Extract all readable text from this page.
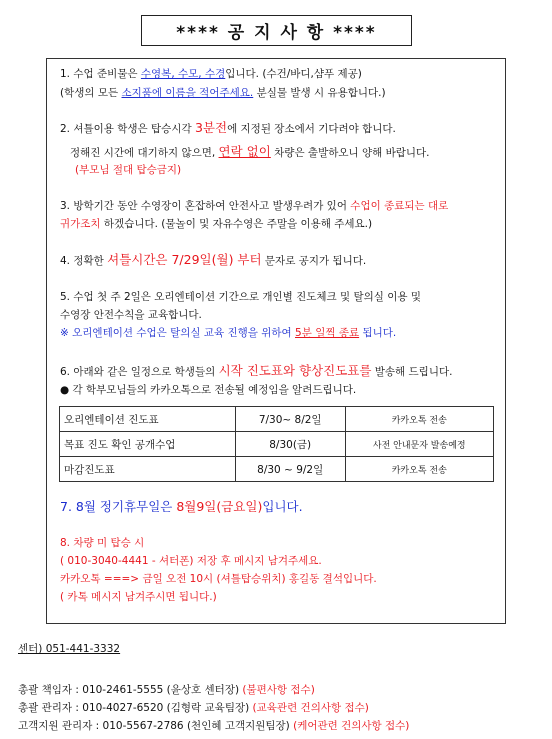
**** 공 지 사 항 ****
1. 수업 준비물은 수영복, 수모, 수경입니다. (수건/바디,샴푸 제공)
(학생의 모든 소지품에 이름을 적어주세요. 분실물 발생 시 유용합니다.)
2. 셔틀이용 학생은 탑승시각 3분전에 지정된 장소에서 기다려야 합니다.
정해진 시간에 대기하지 않으면, 연락 없이 차량은 출발하오니 양해 바랍니다.
(부모님 절대 탑승금지)
3. 방학기간 동안 수영장이 혼잡하여 안전사고 발생우려가 있어 수업이 종료되는 대로
귀가조치 하겠습니다. (물놀이 및 자유수영은 주말을 이용해 주세요.)
4. 정확한 셔틀시간은 7/29일(월) 부터 문자로 공지가 됩니다.
5. 수업 첫 주 2일은 오리엔테이션 기간으로 개인별 진도체크 및 탈의실 이용 및
수영장 안전수칙을 교육합니다.
※ 오리엔테이션 수업은 탈의실 교육 진행을 위하여 5분 일찍 종료 됩니다.
6. 아래와 같은 일정으로 학생들의 시작 진도표와 향상진도표를 발송해 드립니다.
● 각 학부모님들의 카카오톡으로 전송될 예정임을 알려드립니다.
오리엔테이션 진도표	7/30~ 8/2일	카카오톡 전송
목표 진도 확인 공개수업	8/30(금)	사전 안내문자 발송예정
마감진도표	8/30 ~ 9/2일	카카오톡 전송
7. 8월 정기휴무일은 8월9일(금요일)입니다.
8. 차량 미 탑승 시
( 010-3040-4441 - 셔터폰) 저장 후 메시지 남겨주세요.
카카오톡 ===> 금일 오전 10시 (셔틀탑승위치) 홍길동 결석입니다.
( 카톡 메시지 남겨주시면 됩니다.)
센터) 051-441-3332
총괄 책임자 : 010-2461-5555 (윤상호 센터장) (불편사항 접수)
총괄 관리자 : 010-4027-6520 (김형락 교육팀장) (교육관련 건의사항 접수)
고객지원 관리자 : 010-5567-2786 (천인혜 고객지원팀장) (케어관련 건의사항 접수)
